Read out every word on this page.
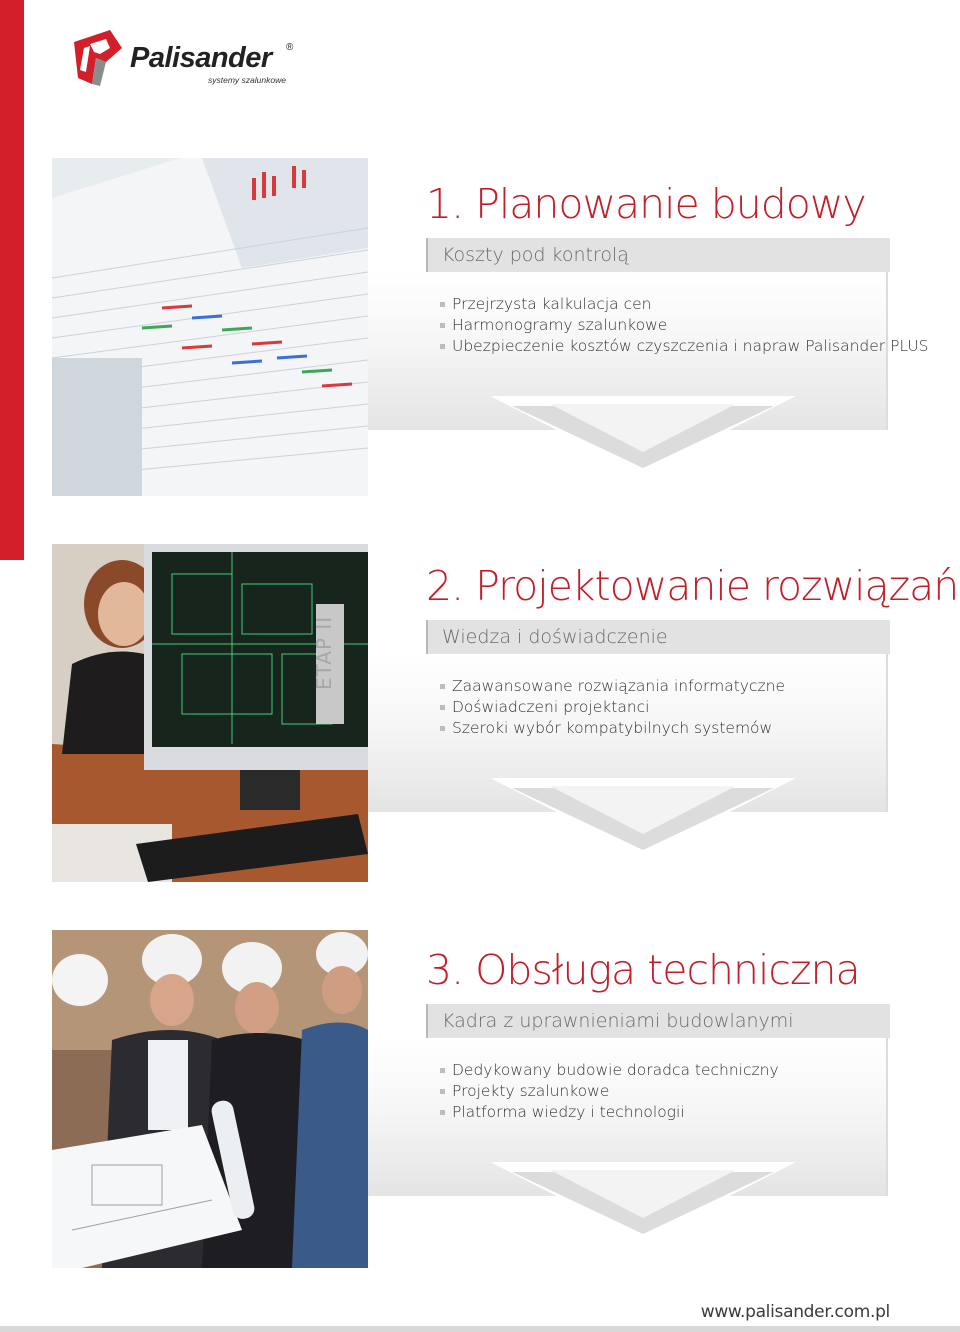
Palisander ®
systemy szalunkowe
1. Planowanie budowy
Koszty pod kontrolą
Przejrzysta kalkulacja cen
Harmonogramy szalunkowe
Ubezpieczenie kosztów czyszczenia i napraw Palisander PLUS
2. Projektowanie rozwiązań
Wiedza i doświadczenie
Zaawansowane rozwiązania informatyczne
Doświadczeni projektanci
Szeroki wybór kompatybilnych systemów
ETAP II
3. Obsługa techniczna
Kadra z uprawnieniami budowlanymi
Dedykowany budowie doradca techniczny
Projekty szalunkowe
Platforma wiedzy i technologii
www.palisander.com.pl
